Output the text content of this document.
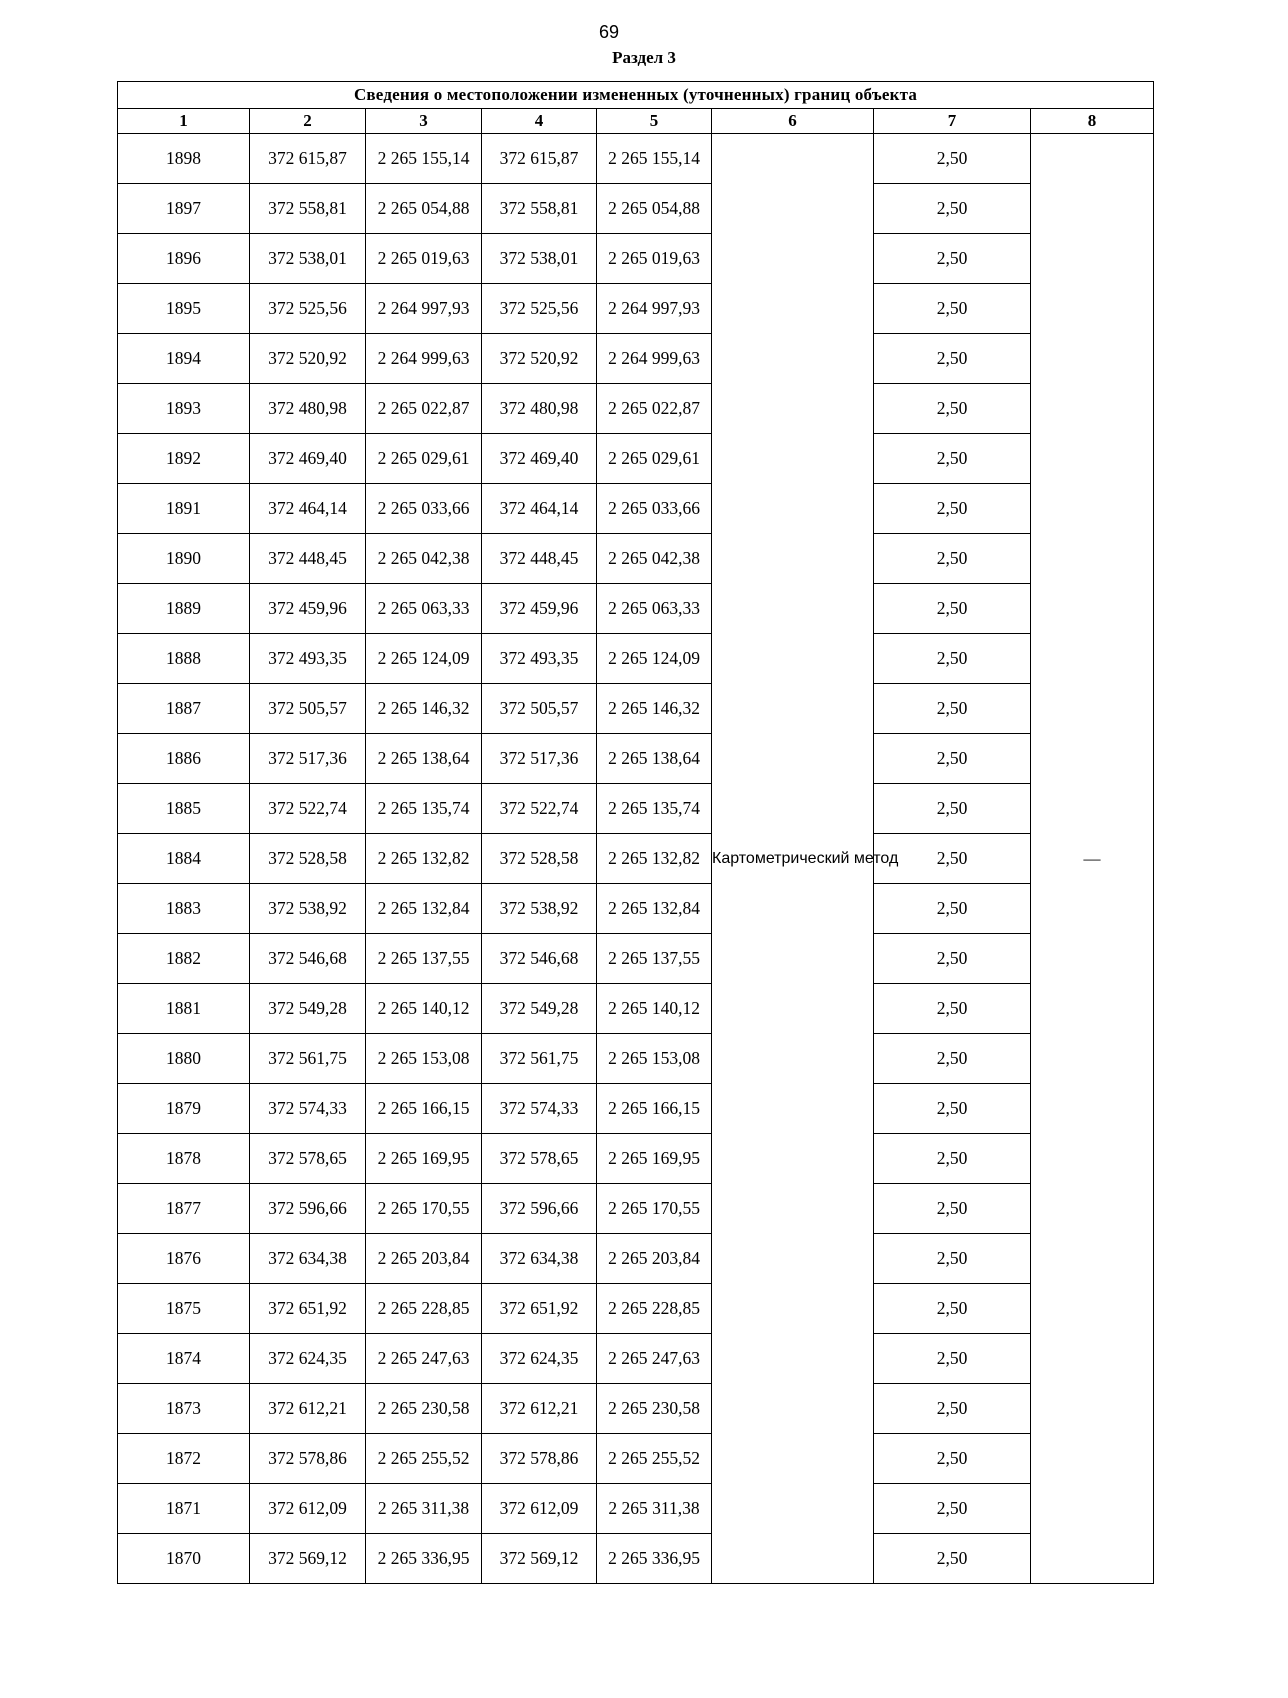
69
Раздел 3
Сведения о местоположении измененных (уточненных) границ объекта							
1	2	3	4	5	6	7	8
1898	372 615,87	2 265 155,14	372 615,87	2 265 155,14	Картометрический метод	2,50	—
1897	372 558,81	2 265 054,88	372 558,81	2 265 054,88		2,50	
1896	372 538,01	2 265 019,63	372 538,01	2 265 019,63		2,50	
1895	372 525,56	2 264 997,93	372 525,56	2 264 997,93		2,50	
1894	372 520,92	2 264 999,63	372 520,92	2 264 999,63		2,50	
1893	372 480,98	2 265 022,87	372 480,98	2 265 022,87		2,50	
1892	372 469,40	2 265 029,61	372 469,40	2 265 029,61		2,50	
1891	372 464,14	2 265 033,66	372 464,14	2 265 033,66		2,50	
1890	372 448,45	2 265 042,38	372 448,45	2 265 042,38		2,50	
1889	372 459,96	2 265 063,33	372 459,96	2 265 063,33		2,50	
1888	372 493,35	2 265 124,09	372 493,35	2 265 124,09		2,50	
1887	372 505,57	2 265 146,32	372 505,57	2 265 146,32		2,50	
1886	372 517,36	2 265 138,64	372 517,36	2 265 138,64		2,50	
1885	372 522,74	2 265 135,74	372 522,74	2 265 135,74		2,50	
1884	372 528,58	2 265 132,82	372 528,58	2 265 132,82		2,50	
1883	372 538,92	2 265 132,84	372 538,92	2 265 132,84		2,50	
1882	372 546,68	2 265 137,55	372 546,68	2 265 137,55		2,50	
1881	372 549,28	2 265 140,12	372 549,28	2 265 140,12		2,50	
1880	372 561,75	2 265 153,08	372 561,75	2 265 153,08		2,50	
1879	372 574,33	2 265 166,15	372 574,33	2 265 166,15		2,50	
1878	372 578,65	2 265 169,95	372 578,65	2 265 169,95		2,50	
1877	372 596,66	2 265 170,55	372 596,66	2 265 170,55		2,50	
1876	372 634,38	2 265 203,84	372 634,38	2 265 203,84		2,50	
1875	372 651,92	2 265 228,85	372 651,92	2 265 228,85		2,50	
1874	372 624,35	2 265 247,63	372 624,35	2 265 247,63		2,50	
1873	372 612,21	2 265 230,58	372 612,21	2 265 230,58		2,50	
1872	372 578,86	2 265 255,52	372 578,86	2 265 255,52		2,50	
1871	372 612,09	2 265 311,38	372 612,09	2 265 311,38		2,50	
1870	372 569,12	2 265 336,95	372 569,12	2 265 336,95		2,50	
